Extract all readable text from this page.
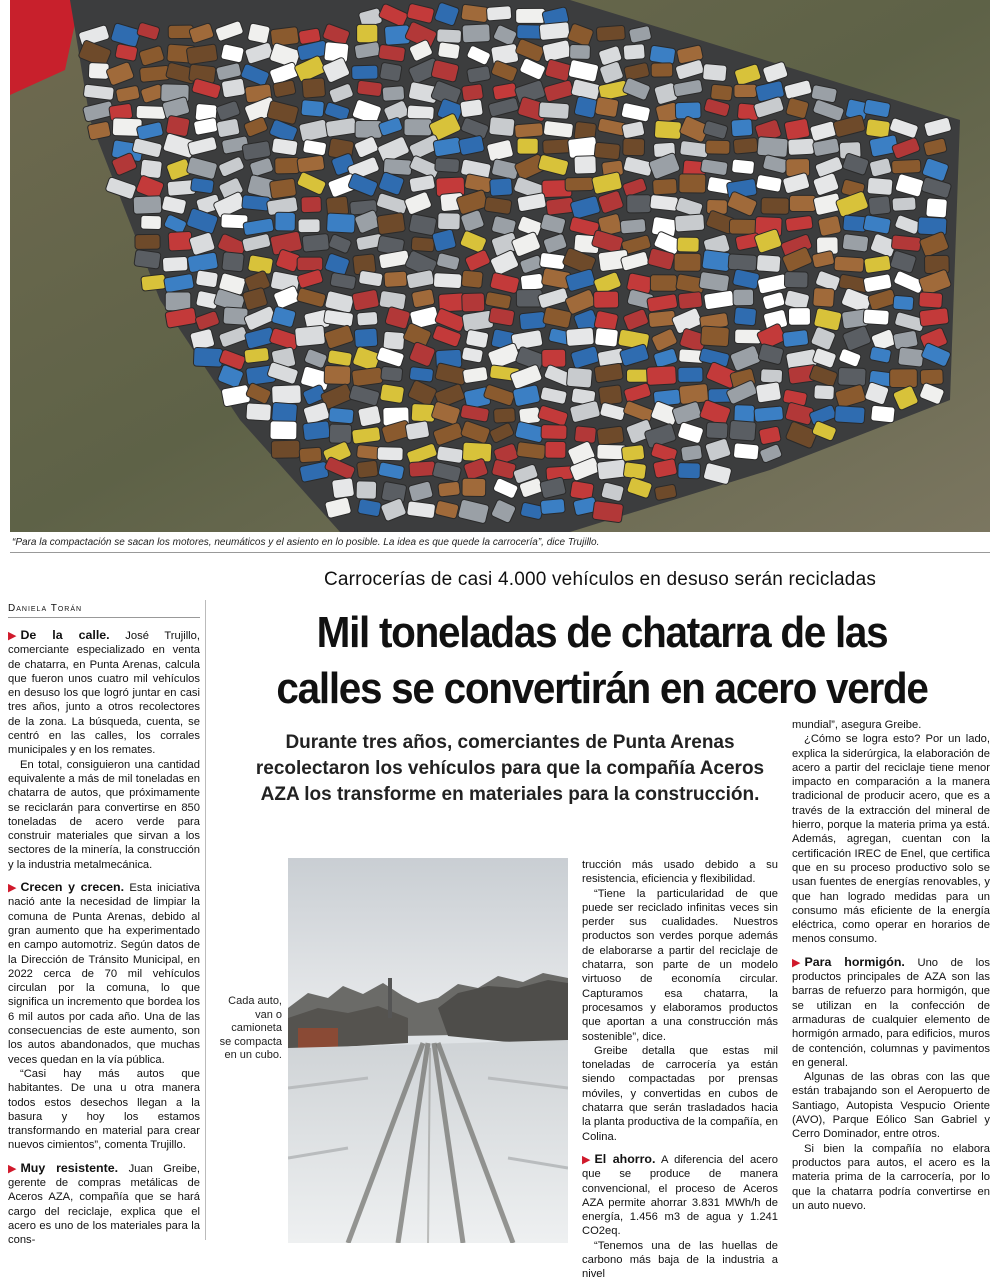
“Para la compactación se sacan los motores, neumáticos y el asiento en lo posible. La idea es que quede la carrocería”, dice Trujillo.
Carrocerías de casi 4.000 vehículos en desuso serán recicladas
Daniela Torán	Mil toneladas de chatarra de las
calles se convertirán en acero verde
Durante tres años, comerciantes de Punta Arenas recolectaron los vehículos para que la compañía Aceros AZA los transforme en materiales para la construcción.

▶ De la calle. José Trujillo, comerciante especializado en venta de chatarra, en Punta Arenas, calcula que fueron unos cuatro mil vehículos en desuso los que logró juntar en casi tres años, junto a otros recolectores de la zona. La búsqueda, cuenta, se centró en las calles, los corrales municipales y en los remates.

En total, consiguieron una cantidad equivalente a más de mil toneladas en chatarra de autos, que próximamente se reciclarán para convertirse en 850 toneladas de acero verde para construir materiales que sirvan a los sectores de la minería, la construcción y la industria metalmecánica.

▶ Crecen y crecen. Esta iniciativa nació ante la necesidad de limpiar la comuna de Punta Arenas, debido al gran aumento que ha experimentado en campo automotriz. Según datos de la Dirección de Tránsito Municipal, en 2022 cerca de 70 mil vehículos circulan por la comuna, lo que significa un incremento que bordea los 6 mil autos por cada año. Una de las consecuencias de este aumento, son los autos abandonados, que muchas veces quedan en la vía pública.

“Casi hay más autos que habitantes. De una u otra manera todos estos desechos llegan a la basura y hoy los estamos transformando en material para crear nuevos cimientos”, comenta Trujillo.

▶ Muy resistente. Juan Greibe, gerente de compras metálicas de Aceros AZA, compañía que se hará cargo del reciclaje, explica que el acero es uno de los materiales para la cons-

Cada auto, van o camioneta se compacta en un cubo.

trucción más usado debido a su resistencia, eficiencia y flexibilidad.

“Tiene la particularidad de que puede ser reciclado infinitas veces sin perder sus cualidades. Nuestros productos son verdes porque además de elaborarse a partir del reciclaje de chatarra, son parte de un modelo virtuoso de economía circular. Capturamos esa chatarra, la procesamos y elaboramos productos que aportan a una construcción más sostenible”, dice.

Greibe detalla que estas mil toneladas de carrocería ya están siendo compactadas por prensas móviles, y convertidas en cubos de chatarra que serán trasladados hacia la planta productiva de la compañía, en Colina.

▶ El ahorro. A diferencia del acero que se produce de manera convencional, el proceso de Aceros AZA permite ahorrar 3.831 MWh/h de energía, 1.456 m3 de agua y 1.241 CO2eq.

“Tenemos una de las huellas de carbono más baja de la industria a nivel

mundial”, asegura Greibe.

¿Cómo se logra esto? Por un lado, explica la siderúrgica, la elaboración de acero a partir del reciclaje tiene menor impacto en comparación a la manera tradicional de producir acero, que es a través de la extracción del mineral de hierro, porque la materia prima ya está. Además, agregan, cuentan con la certificación IREC de Enel, que certifica que en su proceso productivo solo se usan fuentes de energías renovables, y que han logrado medidas para un consumo más eficiente de la energía eléctrica, como operar en horarios de menos consumo.

▶ Para hormigón. Uno de los productos principales de AZA son las barras de refuerzo para hormigón, que se utilizan en la confección de armaduras de cualquier elemento de hormigón armado, para edificios, muros de contención, columnas y pavimentos en general.

Algunas de las obras con las que están trabajando son el Aeropuerto de Santiago, Autopista Vespucio Oriente (AVO), Parque Eólico San Gabriel y Cerro Dominador, entre otros.

Si bien la compañía no elabora productos para autos, el acero es la materia prima de la carrocería, por lo que la chatarra podría convertirse en un auto nuevo.
